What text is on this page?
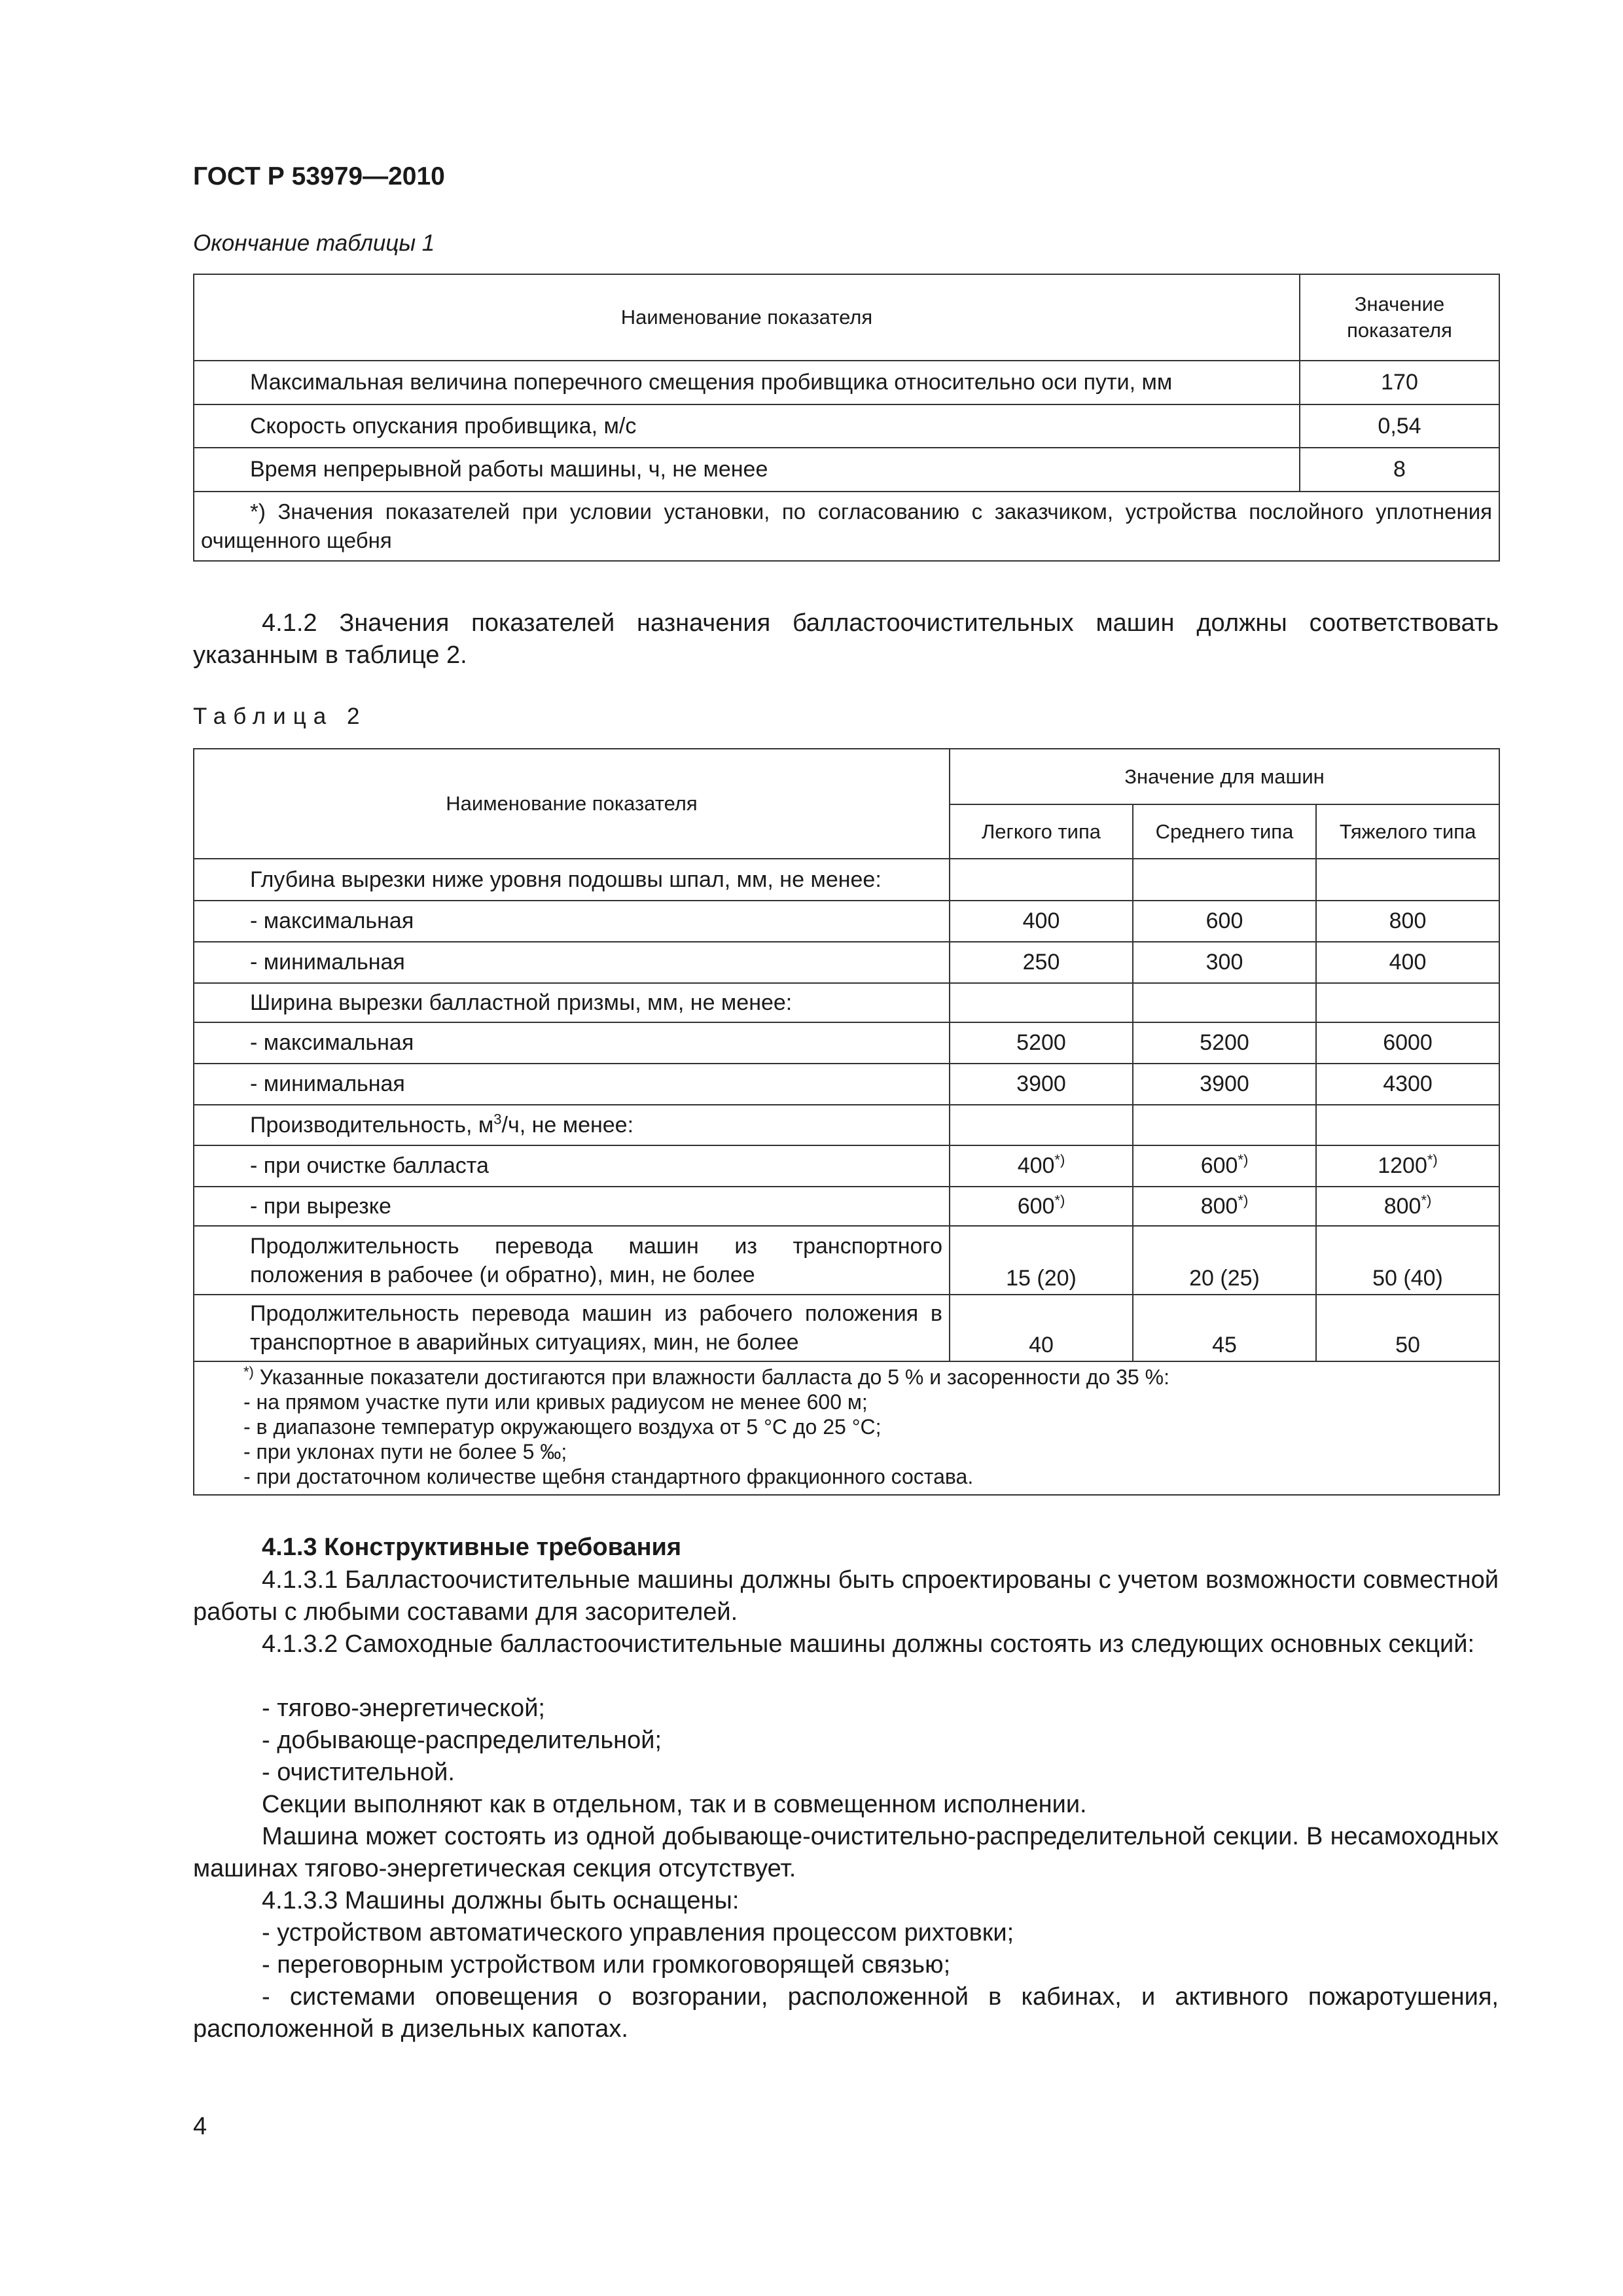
ГОСТ Р 53979—2010
Окончание таблицы 1
Наименование показателя	Значение показателя
Максимальная величина поперечного смещения пробивщика относительно оси пути, мм	170
Скорость опускания пробивщика, м/с	0,54
Время непрерывной работы машины, ч, не менее	8
*) Значения показателей при условии установки, по согласованию с заказчиком, устройства послойного уплотнения очищенного щебня	
4.1.2 Значения показателей назначения балластоочистительных машин должны соответствовать указанным в таблице 2.
Таблица 2
Наименование показателя	Значение для машин		
	Легкого типа	Среднего типа	Тяжелого типа
Глубина вырезки ниже уровня подошвы шпал, мм, не менее:			
- максимальная	400	600	800
- минимальная	250	300	400
Ширина вырезки балластной призмы, мм, не менее:			
- максимальная	5200	5200	6000
- минимальная	3900	3900	4300
Производительность, $м^3/ч$, не менее:			
- при очистке балласта	400*)	600*)	1200*)
- при вырезке	600*)	800*)	800*)
Продолжительность перевода машин из транспортного положения в рабочее (и обратно), мин, не более	15 (20)	20 (25)	50 (40)
Продолжительность перевода машин из рабочего положения в транспортное в аварийных ситуациях, мин, не более	40	45	50

*) Указанные показатели достигаются при влажности балласта до 5 % и засоренности до 35 %:
- на прямом участке пути или кривых радиусом не менее 600 м;
- в диапазоне температур окружающего воздуха от 5 °С до 25 °С;
- при уклонах пути не более 5 ‰;
- при достаточном количестве щебня стандартного фракционного состава.			
4.1.3 Конструктивные требования
4.1.3.1 Балластоочистительные машины должны быть спроектированы с учетом возможности совместной работы с любыми составами для засорителей.
4.1.3.2 Самоходные балластоочистительные машины должны состоять из следующих основных секций:
- тягово-энергетической;
- добывающе-распределительной;
- очистительной.
Секции выполняют как в отдельном, так и в совмещенном исполнении.
Машина может состоять из одной добывающе-очистительно-распределительной секции. В несамоходных машинах тягово-энергетическая секция отсутствует.
4.1.3.3 Машины должны быть оснащены:
- устройством автоматического управления процессом рихтовки;
- переговорным устройством или громкоговорящей связью;
- системами оповещения о возгорании, расположенной в кабинах, и активного пожаротушения, расположенной в дизельных капотах.
4
